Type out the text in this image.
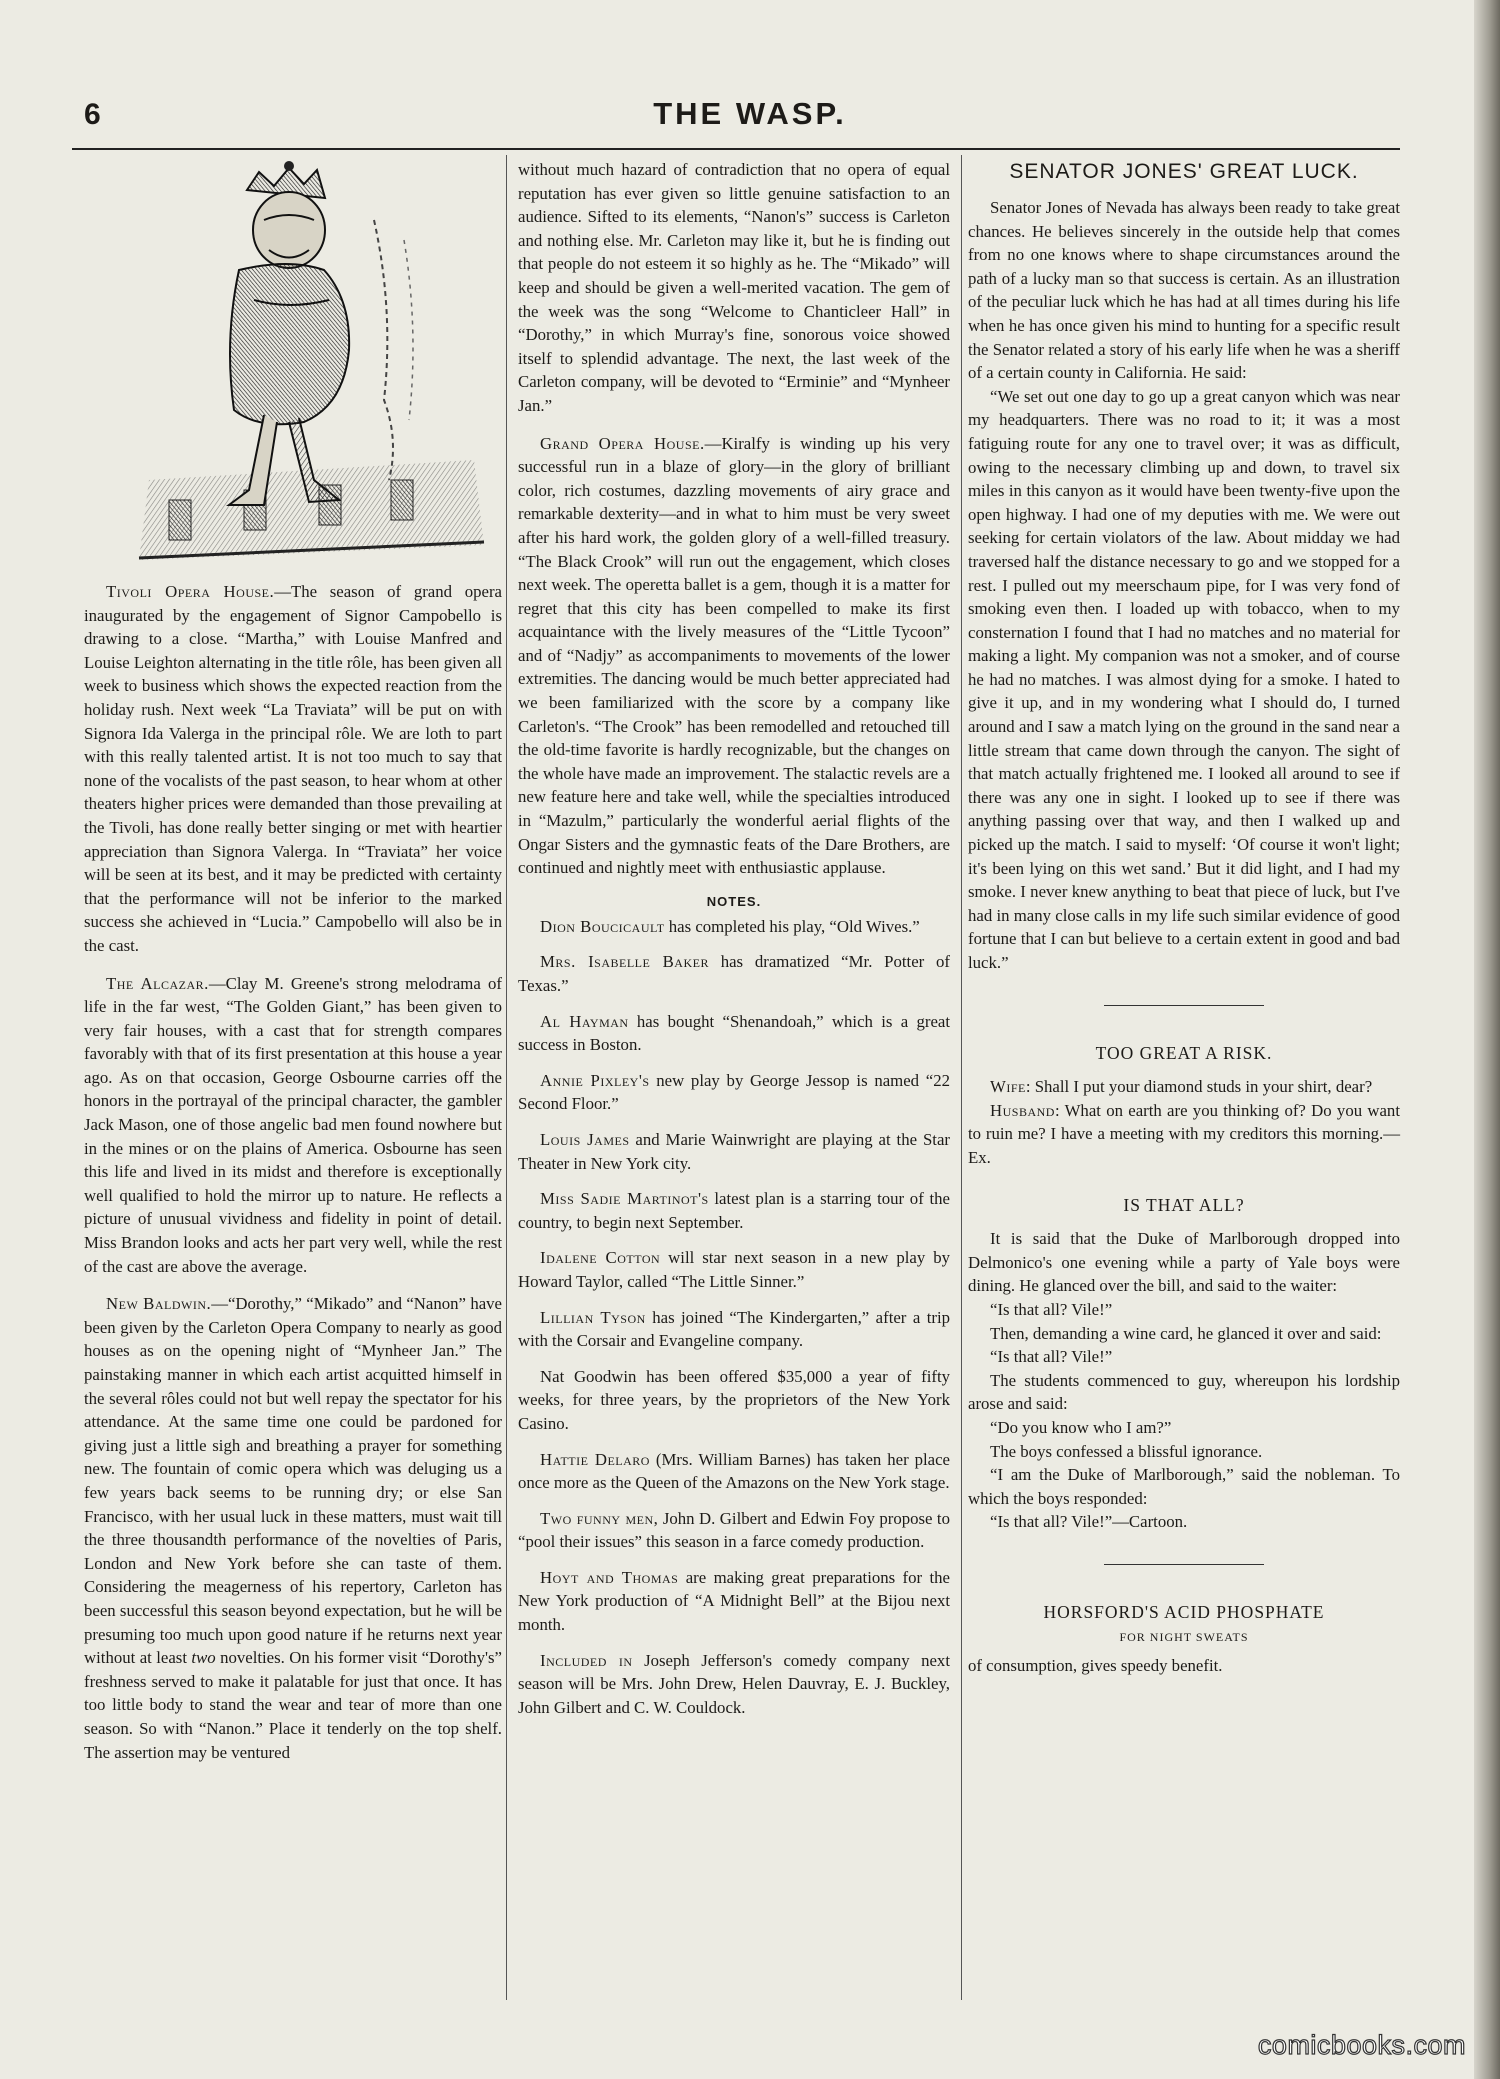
6	THE WASP.

Tivoli Opera House.—The season of grand opera inaugurated by the engagement of Signor Campobello is drawing to a close. “Martha,” with Louise Manfred and Louise Leighton alternating in the title rôle, has been given all week to business which shows the expected reaction from the holiday rush. Next week “La Traviata” will be put on with Signora Ida Valerga in the principal rôle. We are loth to part with this really talented artist. It is not too much to say that none of the vocalists of the past season, to hear whom at other theaters higher prices were demanded than those prevailing at the Tivoli, has done really better singing or met with heartier appreciation than Signora Valerga. In “Traviata” her voice will be seen at its best, and it may be predicted with certainty that the performance will not be inferior to the marked success she achieved in “Lucia.” Campobello will also be in the cast.

The Alcazar.—Clay M. Greene's strong melodrama of life in the far west, “The Golden Giant,” has been given to very fair houses, with a cast that for strength compares favorably with that of its first presentation at this house a year ago. As on that occasion, George Osbourne carries off the honors in the portrayal of the principal character, the gambler Jack Mason, one of those angelic bad men found nowhere but in the mines or on the plains of America. Osbourne has seen this life and lived in its midst and therefore is exceptionally well qualified to hold the mirror up to nature. He reflects a picture of unusual vividness and fidelity in point of detail. Miss Brandon looks and acts her part very well, while the rest of the cast are above the average.

New Baldwin.—“Dorothy,” “Mikado” and “Nanon” have been given by the Carleton Opera Company to nearly as good houses as on the opening night of “Mynheer Jan.” The painstaking manner in which each artist acquitted himself in the several rôles could not but well repay the spectator for his attendance. At the same time one could be pardoned for giving just a little sigh and breathing a prayer for something new. The fountain of comic opera which was deluging us a few years back seems to be running dry; or else San Francisco, with her usual luck in these matters, must wait till the three thousandth performance of the novelties of Paris, London and New York before she can taste of them. Considering the meagerness of his repertory, Carleton has been successful this season beyond expectation, but he will be presuming too much upon good nature if he returns next year without at least two novelties. On his former visit “Dorothy's” freshness served to make it palatable for just that once. It has too little body to stand the wear and tear of more than one season. So with “Nanon.” Place it tenderly on the top shelf. The assertion may be ventured

without much hazard of contradiction that no opera of equal reputation has ever given so little genuine satisfaction to an audience. Sifted to its elements, “Nanon's” success is Carleton and nothing else. Mr. Carleton may like it, but he is finding out that people do not esteem it so highly as he. The “Mikado” will keep and should be given a well-merited vacation. The gem of the week was the song “Welcome to Chanticleer Hall” in “Dorothy,” in which Murray's fine, sonorous voice showed itself to splendid advantage. The next, the last week of the Carleton company, will be devoted to “Erminie” and “Mynheer Jan.”

Grand Opera House.—Kiralfy is winding up his very successful run in a blaze of glory—in the glory of brilliant color, rich costumes, dazzling movements of airy grace and remarkable dexterity—and in what to him must be very sweet after his hard work, the golden glory of a well-filled treasury. “The Black Crook” will run out the engagement, which closes next week. The operetta ballet is a gem, though it is a matter for regret that this city has been compelled to make its first acquaintance with the lively measures of the “Little Tycoon” and of “Nadjy” as accompaniments to movements of the lower extremities. The dancing would be much better appreciated had we been familiarized with the score by a company like Carleton's. “The Crook” has been remodelled and retouched till the old-time favorite is hardly recognizable, but the changes on the whole have made an improvement. The stalactic revels are a new feature here and take well, while the specialties introduced in “Mazulm,” particularly the wonderful aerial flights of the Ongar Sisters and the gymnastic feats of the Dare Brothers, are continued and nightly meet with enthusiastic applause.

NOTES.

Dion Boucicault has completed his play, “Old Wives.”

Mrs. Isabelle Baker has dramatized “Mr. Potter of Texas.”

Al Hayman has bought “Shenandoah,” which is a great success in Boston.

Annie Pixley's new play by George Jessop is named “22 Second Floor.”

Louis James and Marie Wainwright are playing at the Star Theater in New York city.

Miss Sadie Martinot's latest plan is a starring tour of the country, to begin next September.

Idalene Cotton will star next season in a new play by Howard Taylor, called “The Little Sinner.”

Lillian Tyson has joined “The Kindergarten,” after a trip with the Corsair and Evangeline company.

Nat Goodwin has been offered $35,000 a year of fifty weeks, for three years, by the proprietors of the New York Casino.

Hattie Delaro (Mrs. William Barnes) has taken her place once more as the Queen of the Amazons on the New York stage.

Two funny men, John D. Gilbert and Edwin Foy propose to “pool their issues” this season in a farce comedy production.

Hoyt and Thomas are making great preparations for the New York production of “A Midnight Bell” at the Bijou next month.

Included in Joseph Jefferson's comedy company next season will be Mrs. John Drew, Helen Dauvray, E. J. Buckley, John Gilbert and C. W. Couldock.

SENATOR JONES' GREAT LUCK.

Senator Jones of Nevada has always been ready to take great chances. He believes sincerely in the outside help that comes from no one knows where to shape circumstances around the path of a lucky man so that success is certain. As an illustration of the peculiar luck which he has had at all times during his life when he has once given his mind to hunting for a specific result the Senator related a story of his early life when he was a sheriff of a certain county in California. He said:

“We set out one day to go up a great canyon which was near my headquarters. There was no road to it; it was a most fatiguing route for any one to travel over; it was as difficult, owing to the necessary climbing up and down, to travel six miles in this canyon as it would have been twenty-five upon the open highway. I had one of my deputies with me. We were out seeking for certain violators of the law. About midday we had traversed half the distance necessary to go and we stopped for a rest. I pulled out my meerschaum pipe, for I was very fond of smoking even then. I loaded up with tobacco, when to my consternation I found that I had no matches and no material for making a light. My companion was not a smoker, and of course he had no matches. I was almost dying for a smoke. I hated to give it up, and in my wondering what I should do, I turned around and I saw a match lying on the ground in the sand near a little stream that came down through the canyon. The sight of that match actually frightened me. I looked all around to see if there was any one in sight. I looked up to see if there was anything passing over that way, and then I walked up and picked up the match. I said to myself: ‘Of course it won't light; it's been lying on this wet sand.’ But it did light, and I had my smoke. I never knew anything to beat that piece of luck, but I've had in many close calls in my life such similar evidence of good fortune that I can but believe to a certain extent in good and bad luck.”

TOO GREAT A RISK.

Wife: Shall I put your diamond studs in your shirt, dear?

Husband: What on earth are you thinking of? Do you want to ruin me? I have a meeting with my creditors this morning.—Ex.

IS THAT ALL?

It is said that the Duke of Marlborough dropped into Delmonico's one evening while a party of Yale boys were dining. He glanced over the bill, and said to the waiter:

“Is that all? Vile!”

Then, demanding a wine card, he glanced it over and said:

“Is that all? Vile!”

The students commenced to guy, whereupon his lordship arose and said:

“Do you know who I am?”

The boys confessed a blissful ignorance.

“I am the Duke of Marlborough,” said the nobleman. To which the boys responded:

“Is that all? Vile!”—Cartoon.

HORSFORD'S ACID PHOSPHATE

FOR NIGHT SWEATS

of consumption, gives speedy benefit.

comicbooks.com
